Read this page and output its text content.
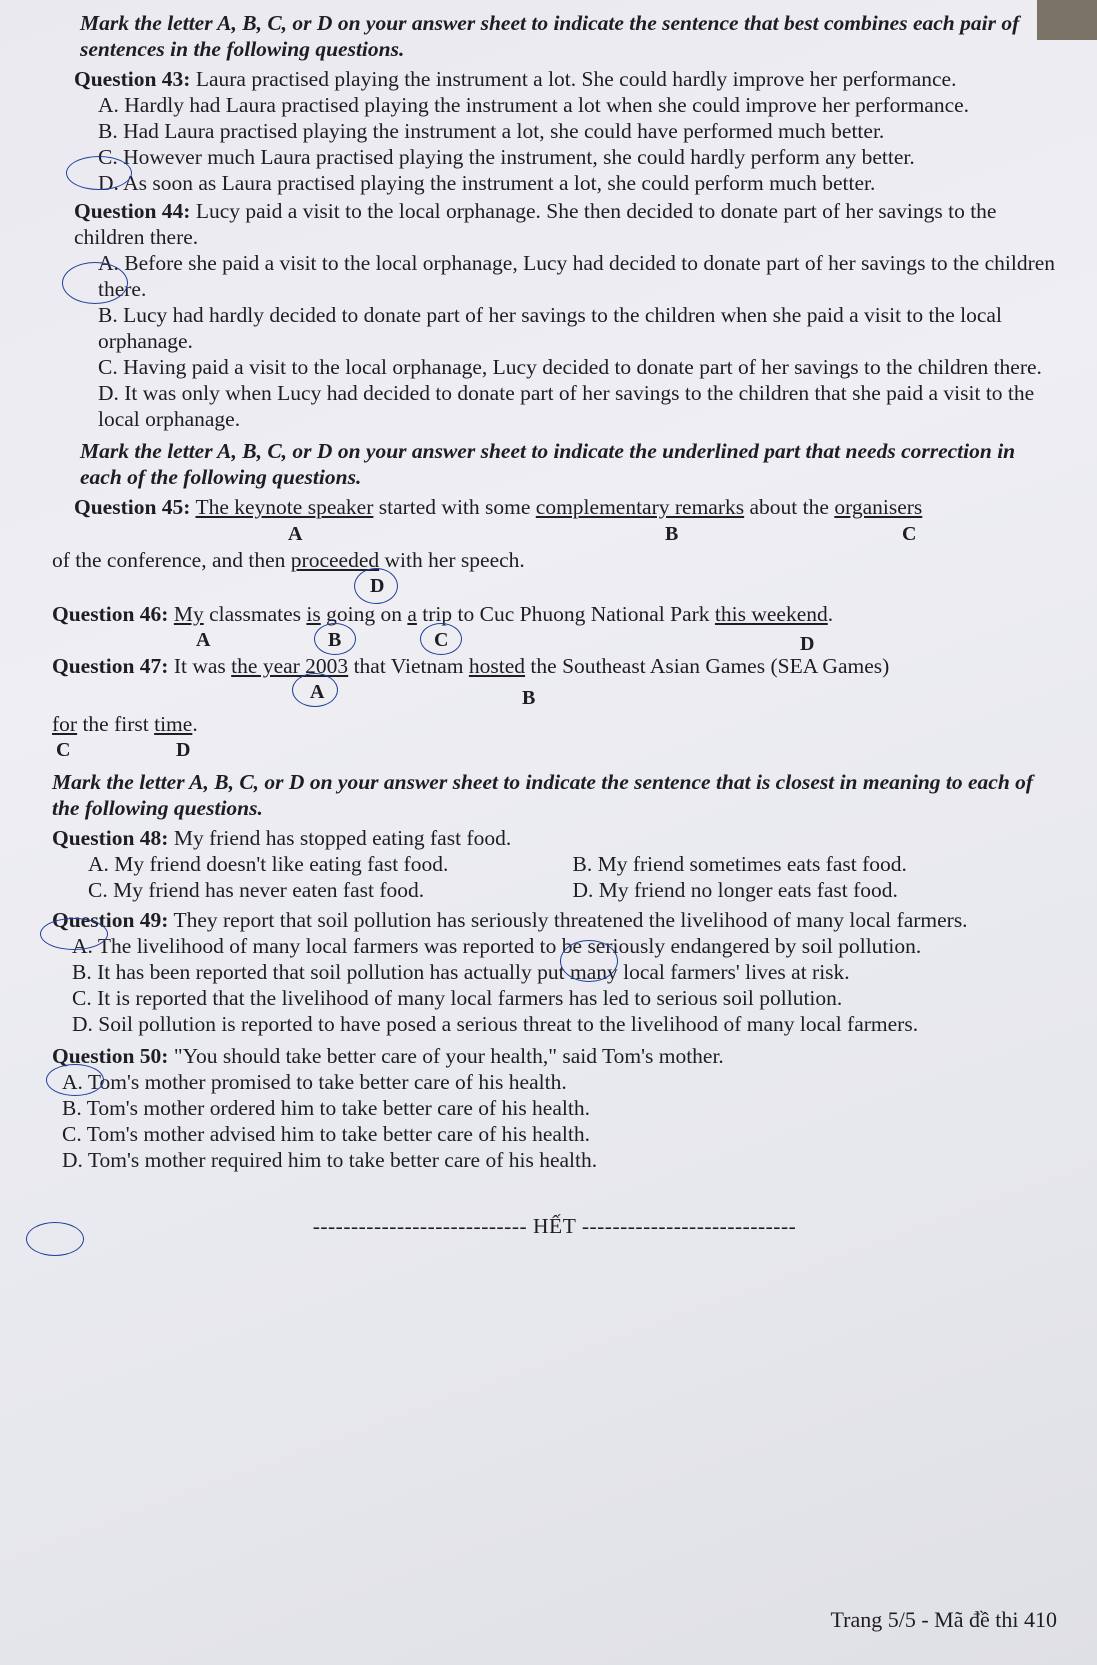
Mark the letter A, B, C, or D on your answer sheet to indicate the sentence that best combines each pair of sentences in the following questions.
Question 43: Laura practised playing the instrument a lot. She could hardly improve her performance.
A. Hardly had Laura practised playing the instrument a lot when she could improve her performance.
B. Had Laura practised playing the instrument a lot, she could have performed much better.
C. However much Laura practised playing the instrument, she could hardly perform any better.
D. As soon as Laura practised playing the instrument a lot, she could perform much better.
Question 44: Lucy paid a visit to the local orphanage. She then decided to donate part of her savings to the children there.
A. Before she paid a visit to the local orphanage, Lucy had decided to donate part of her savings to the children there.
B. Lucy had hardly decided to donate part of her savings to the children when she paid a visit to the local orphanage.
C. Having paid a visit to the local orphanage, Lucy decided to donate part of her savings to the children there.
D. It was only when Lucy had decided to donate part of her savings to the children that she paid a visit to the local orphanage.
Mark the letter A, B, C, or D on your answer sheet to indicate the underlined part that needs correction in each of the following questions.
Question 45: The keynote speaker started with some complementary remarks about the organisers
A	B	C
of the conference, and then proceeded with her speech.
D
Question 46: My classmates is going on a trip to Cuc Phuong National Park this weekend.
A	B	C	D
Question 47: It was the year 2003 that Vietnam hosted the Southeast Asian Games (SEA Games)
A	B
for the first time.
C	D
Mark the letter A, B, C, or D on your answer sheet to indicate the sentence that is closest in meaning to each of the following questions.
Question 48: My friend has stopped eating fast food.
A. My friend doesn't like eating fast food.	B. My friend sometimes eats fast food.
C. My friend has never eaten fast food.	D. My friend no longer eats fast food.
Question 49: They report that soil pollution has seriously threatened the livelihood of many local farmers.
A. The livelihood of many local farmers was reported to be seriously endangered by soil pollution.
B. It has been reported that soil pollution has actually put many local farmers' lives at risk.
C. It is reported that the livelihood of many local farmers has led to serious soil pollution.
D. Soil pollution is reported to have posed a serious threat to the livelihood of many local farmers.
Question 50: "You should take better care of your health," said Tom's mother.
A. Tom's mother promised to take better care of his health.
B. Tom's mother ordered him to take better care of his health.
C. Tom's mother advised him to take better care of his health.
D. Tom's mother required him to take better care of his health.
---------------------------- HẾT ----------------------------
Trang 5/5 - Mã đề thi 410
